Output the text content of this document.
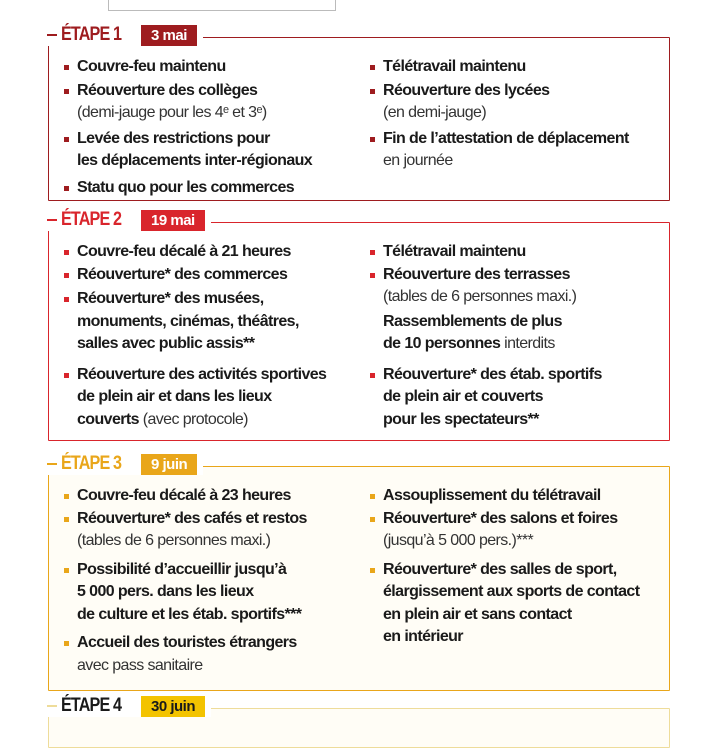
ÉTAPE 1	3 mai
Couvre-feu maintenu
Réouverture des collèges
(demi-jauge pour les 4ᵉ et 3ᵉ)
Levée des restrictions pour
les déplacements inter-régionaux
Statu quo pour les commerces
Télétravail maintenu
Réouverture des lycées
(en demi-jauge)
Fin de l’attestation de déplacement
en journée
ÉTAPE 2	19 mai
Couvre-feu décalé à 21 heures
Réouverture* des commerces
Réouverture* des musées,
monuments, cinémas, théâtres,
salles avec public assis**
Réouverture des activités sportives
de plein air et dans les lieux
couverts (avec protocole)
Télétravail maintenu
Réouverture des terrasses
(tables de 6 personnes maxi.)
Rassemblements de plus
de 10 personnes interdits
Réouverture* des étab. sportifs
de plein air et couverts
pour les spectateurs**
ÉTAPE 3	9 juin
Couvre-feu décalé à 23 heures
Réouverture* des cafés et restos
(tables de 6 personnes maxi.)
Possibilité d’accueillir jusqu’à
5 000 pers. dans les lieux
de culture et les étab. sportifs***
Accueil des touristes étrangers
avec pass sanitaire
Assouplissement du télétravail
Réouverture* des salons et foires
(jusqu’à 5 000 pers.)***
Réouverture* des salles de sport,
élargissement aux sports de contact
en plein air et sans contact
en intérieur
ÉTAPE 4	30 juin
